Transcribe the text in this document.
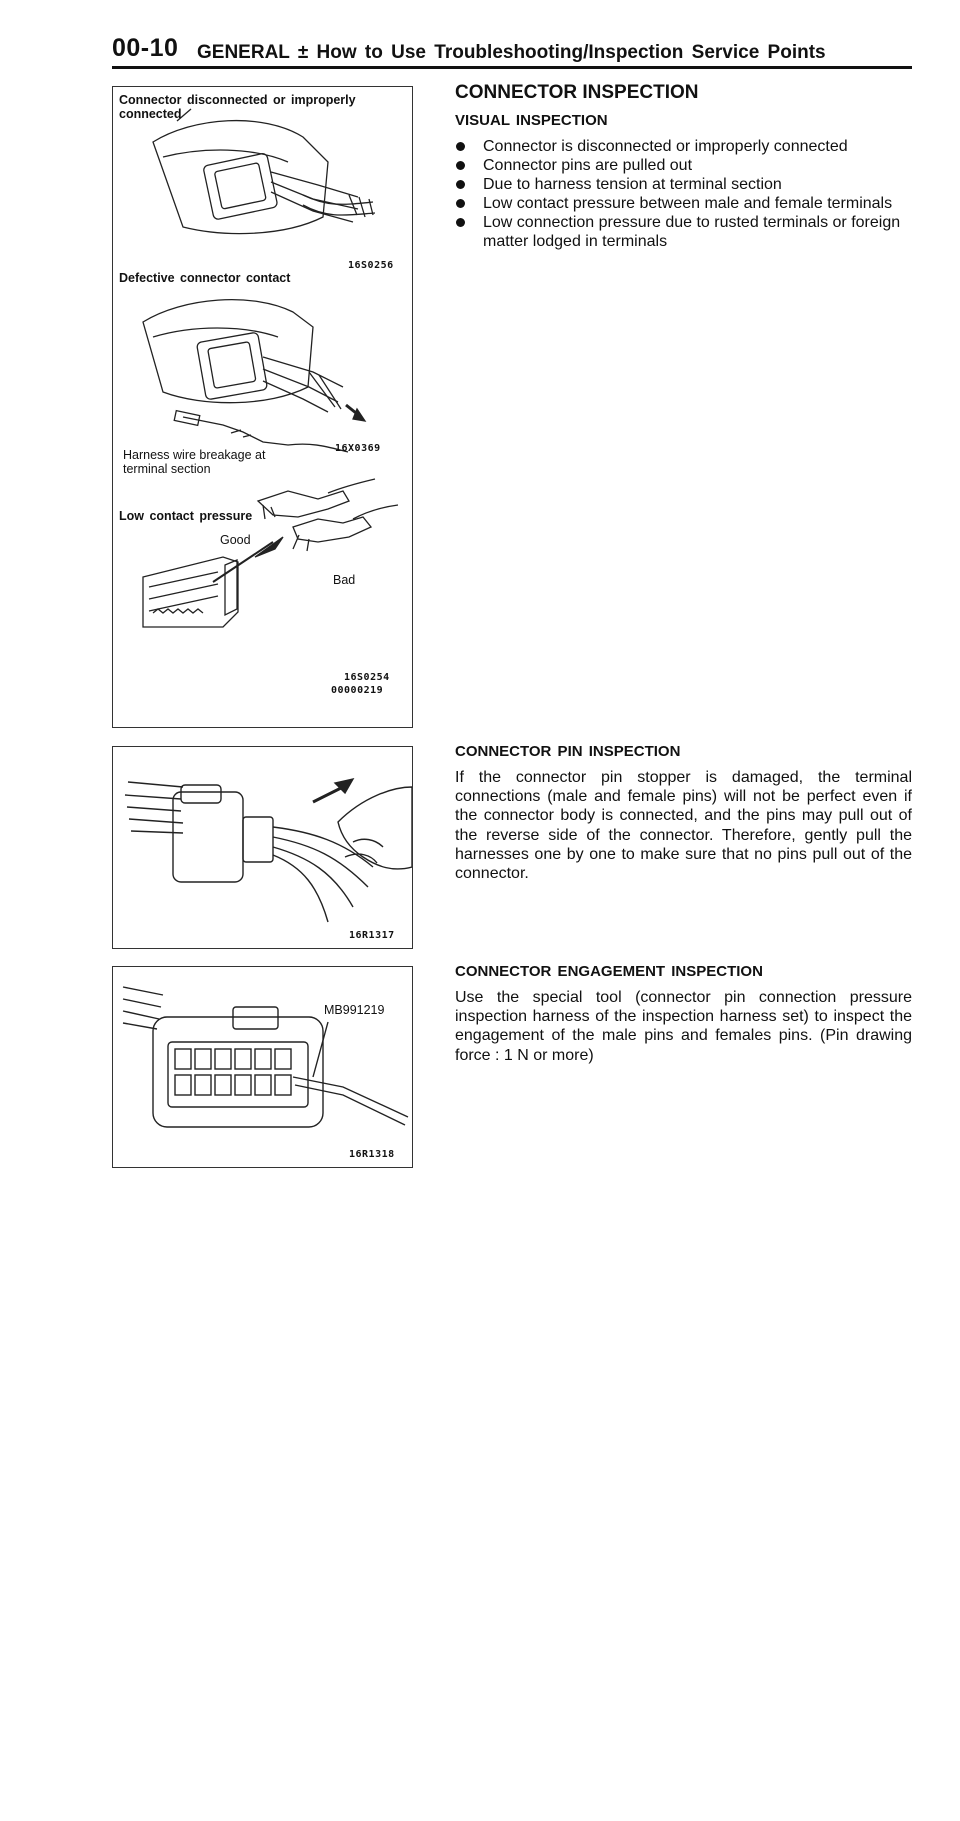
00-10 GENERAL ± How to Use Troubleshooting/Inspection Service Points
Connector disconnected or improperly connected
16S0256
Defective connector contact
Harness wire breakage at terminal section
16X0369
Low contact pressure
Good
Bad
16S0254
00000219
16R1317
MB991219
16R1318
CONNECTOR INSPECTION
VISUAL INSPECTION
Connector is disconnected or improperly connected
Connector pins are pulled out
Due to harness tension at terminal section
Low contact pressure between male and female terminals
Low connection pressure due to rusted terminals or foreign matter lodged in terminals
CONNECTOR PIN INSPECTION

If the connector pin stopper is damaged, the terminal connections (male and female pins) will not be perfect even if the connector body is connected, and the pins may pull out of the reverse side of the connector. Therefore, gently pull the harnesses one by one to make sure that no pins pull out of the connector.

CONNECTOR ENGAGEMENT INSPECTION

Use the special tool (connector pin connection pressure inspection harness of the inspection harness set) to inspect the engagement of the male pins and females pins. (Pin drawing force : 1 N or more)
